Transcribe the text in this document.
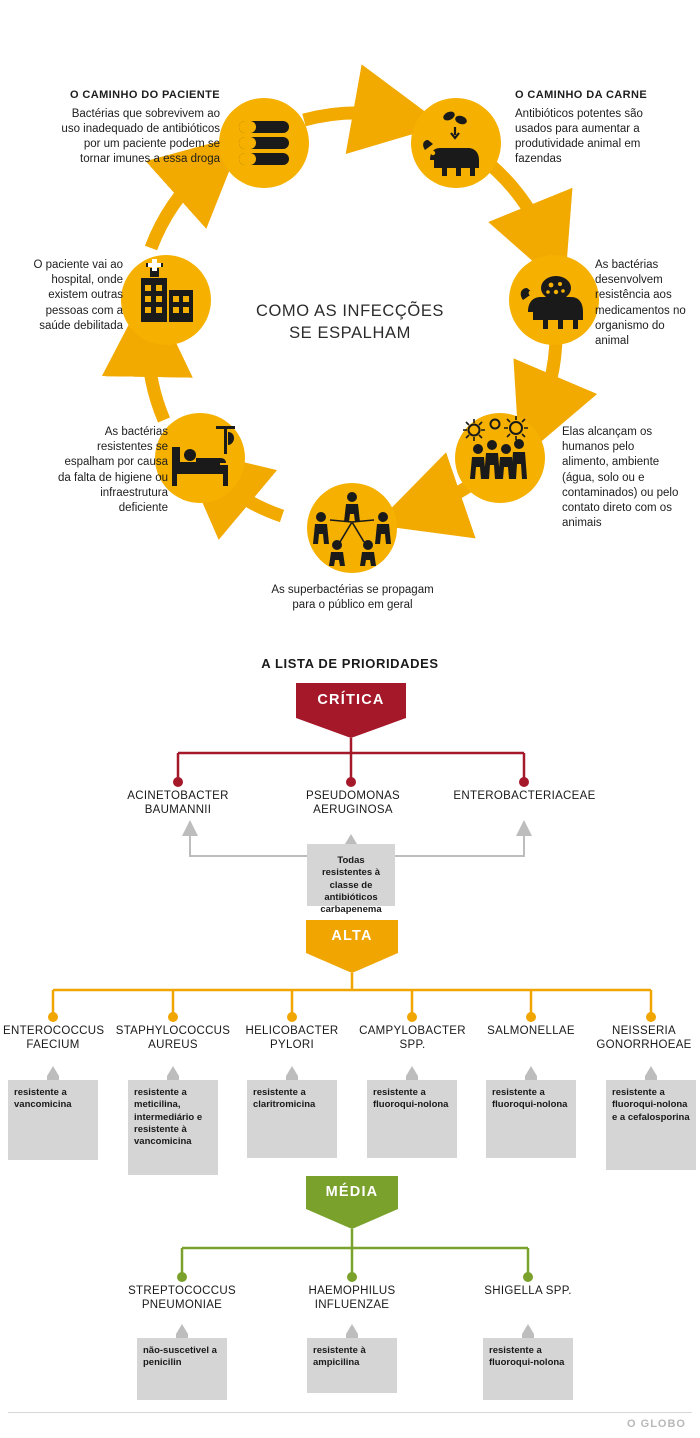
COMO AS INFECÇÕES
SE ESPALHAM
O CAMINHO DO PACIENTE
Bactérias que sobrevivem ao uso inadequado de antibióticos por um paciente podem se tornar imunes a essa droga
O CAMINHO DA CARNE
Antibióticos potentes são usados para aumentar a produtividade animal em fazendas
O paciente vai ao hospital, onde existem outras pessoas com a saúde debilitada
As bactérias desenvolvem resistência aos medicamentos no organismo do animal
As bactérias resistentes se espalham por causa da falta de higiene ou infraestrutura deficiente
Elas alcançam os humanos pelo alimento, ambiente (água, solo ou e contaminados) ou pelo contato direto com os animais
As superbactérias se propagam para o público em geral
A LISTA DE PRIORIDADES
CRÍTICA
ALTA
MÉDIA
ACINETOBACTER
BAUMANNII
PSEUDOMONAS
AERUGINOSA
ENTEROBACTERIACEAE
Todas resistentes à classe de antibióticos carbapenema
ENTEROCOCCUS
FAECIUM
STAPHYLOCOCCUS
AUREUS
HELICOBACTER
PYLORI
CAMPYLOBACTER
SPP.
SALMONELLAE	NEISSERIA
GONORRHOEAE
resistente a vancomicina
resistente a meticilina, intermediário e resistente à vancomicina
resistente a claritromicina
resistente a fluoroqui-nolona
resistente a fluoroqui-nolona
resistente a fluoroqui-nolona e a cefalosporina
STREPTOCOCCUS
PNEUMONIAE
HAEMOPHILUS
INFLUENZAE
SHIGELLA SPP.
não-suscetivel a penicilin
resistente à ampicilina
resistente a fluoroqui-nolona
O GLOBO
